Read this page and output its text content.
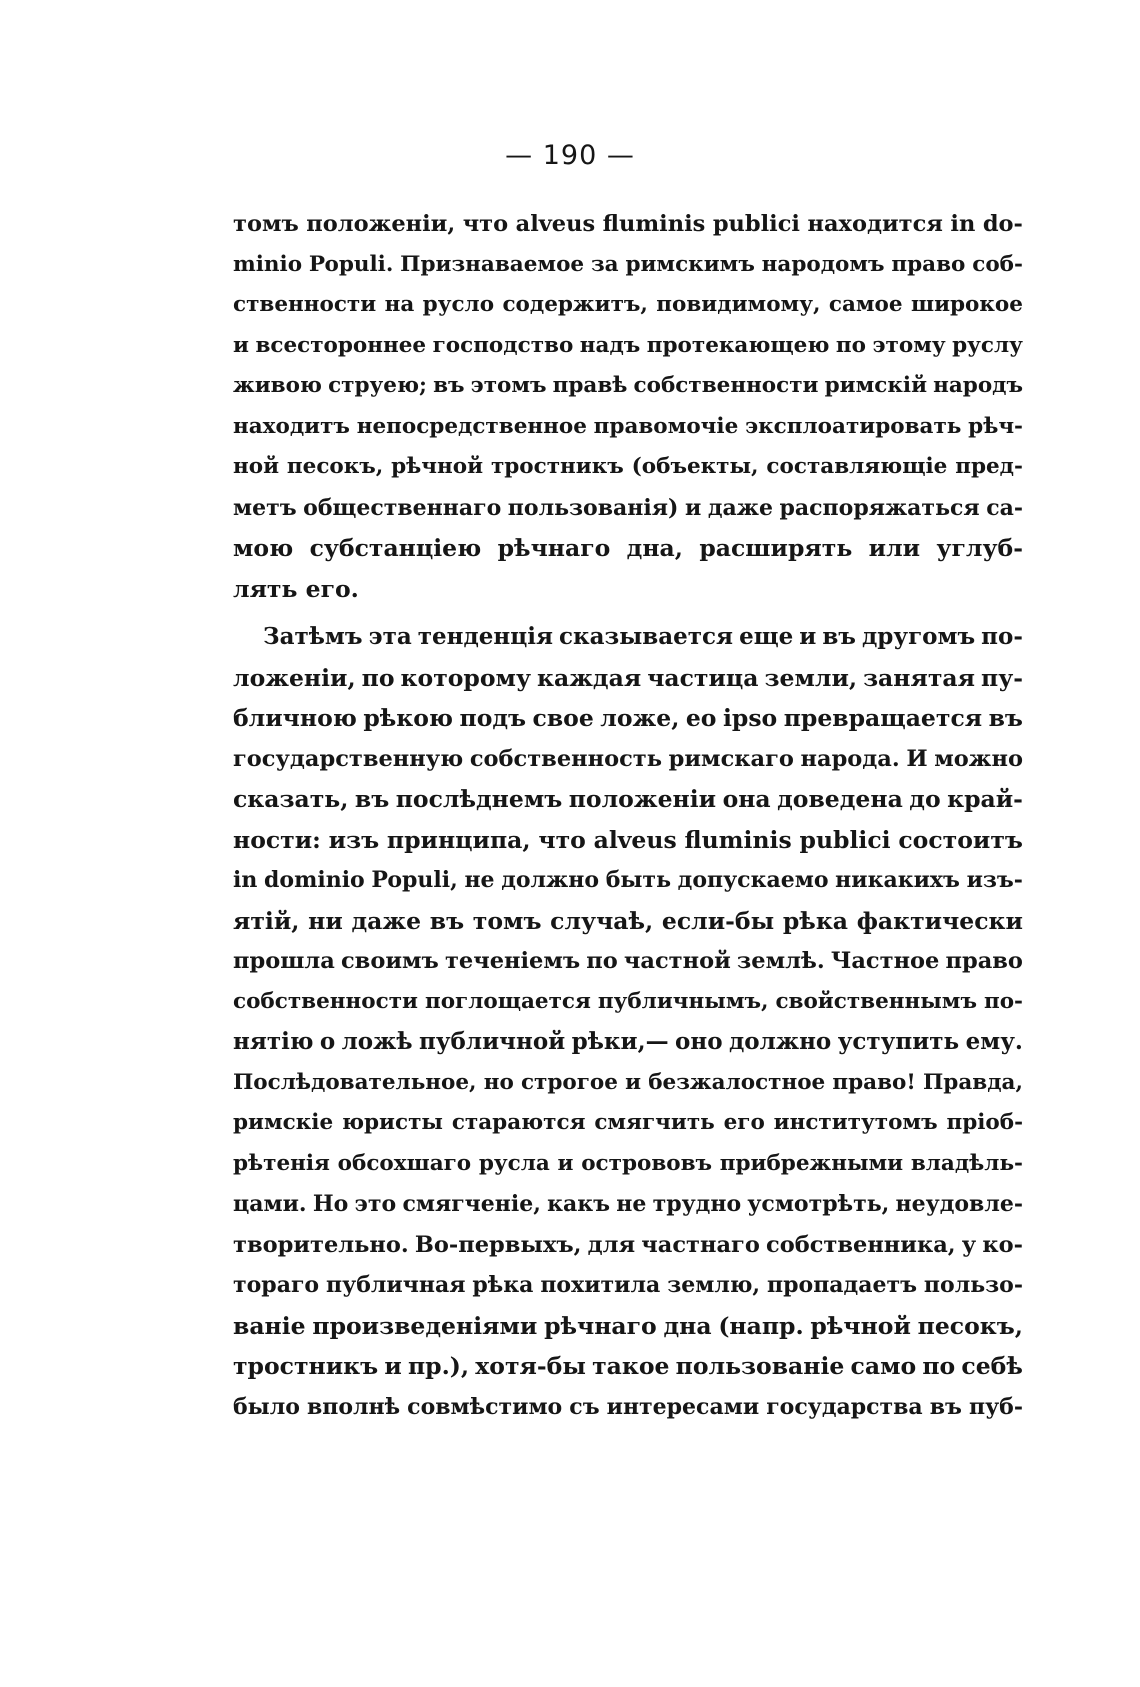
— 190 —
томъ положеніи, что alveus fluminis publici находится in do-
minio Populi. Признаваемое за римскимъ народомъ право соб-
ственности на русло содержитъ, повидимому, самое широкое
и всестороннее господство надъ протекающею по этому руслу
живою струею; въ этомъ правѣ собственности римскій народъ
находитъ непосредственное правомочіе эксплоатировать рѣч-
ной песокъ, рѣчной тростникъ (объекты, составляющіе пред-
метъ общественнаго пользованія) и даже распоряжаться са-
мою субстанціею рѣчнаго дна, расширять или углуб-
лять его.
Затѣмъ эта тенденція сказывается еще и въ другомъ по-
ложеніи, по которому каждая частица земли, занятая пу-
бличною рѣкою подъ свое ложе, eo ipso превращается въ
государственную собственность римскаго народа. И можно
сказать, въ послѣднемъ положеніи она доведена до край-
ности: изъ принципа, что alveus fluminis publici состоитъ
in dominio Populi, не должно быть допускаемо никакихъ изъ-
ятій, ни даже въ томъ случаѣ, если-бы рѣка фактически
прошла своимъ теченіемъ по частной землѣ. Частное право
собственности поглощается публичнымъ, свойственнымъ по-
нятію о ложѣ публичной рѣки,— оно должно уступить ему.
Послѣдовательное, но строгое и безжалостное право! Правда,
римскіе юристы стараются смягчить его институтомъ пріоб-
рѣтенія обсохшаго русла и острововъ прибрежными владѣль-
цами. Но это смягченіе, какъ не трудно усмотрѣть, неудовле-
творительно. Во-первыхъ, для частнаго собственника, у ко-
тораго публичная рѣка похитила землю, пропадаетъ пользо-
ваніе произведеніями рѣчнаго дна (напр. рѣчной песокъ,
тростникъ и пр.), хотя-бы такое пользованіе само по себѣ
было вполнѣ совмѣстимо съ интересами государства въ пуб-
